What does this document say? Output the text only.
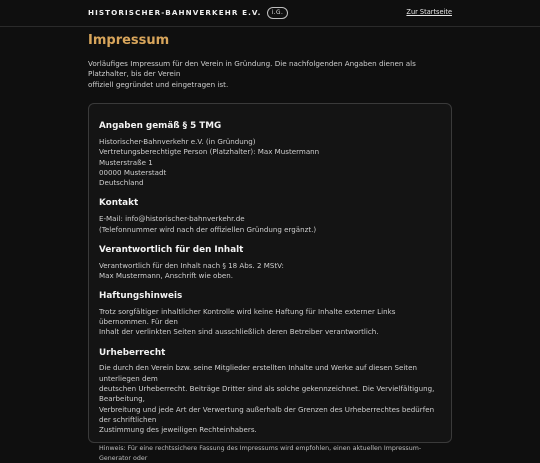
HISTORISCHER-BAHNVERKEHR E.V.	i.G.	Zur Startseite
Impressum

Vorläufiges Impressum für den Verein in Gründung. Die nachfolgenden Angaben dienen als Platzhalter, bis der Verein
offiziell gegründet und eingetragen ist.

Angaben gemäß § 5 TMG

Historischer-Bahnverkehr e.V. (in Gründung)
Vertretungsberechtigte Person (Platzhalter): Max Mustermann
Musterstraße 1
00000 Musterstadt
Deutschland

Kontakt

E-Mail: info@historischer-bahnverkehr.de
(Telefonnummer wird nach der offiziellen Gründung ergänzt.)

Verantwortlich für den Inhalt

Verantwortlich für den Inhalt nach § 18 Abs. 2 MStV:
Max Mustermann, Anschrift wie oben.

Haftungshinweis

Trotz sorgfältiger inhaltlicher Kontrolle wird keine Haftung für Inhalte externer Links übernommen. Für den
Inhalt der verlinkten Seiten sind ausschließlich deren Betreiber verantwortlich.

Urheberrecht

Die durch den Verein bzw. seine Mitglieder erstellten Inhalte und Werke auf diesen Seiten unterliegen dem
deutschen Urheberrecht. Beiträge Dritter sind als solche gekennzeichnet. Die Vervielfältigung, Bearbeitung,
Verbreitung und jede Art der Verwertung außerhalb der Grenzen des Urheberrechtes bedürfen der schriftlichen
Zustimmung des jeweiligen Rechteinhabers.

Hinweis: Für eine rechtssichere Fassung des Impressums wird empfohlen, einen aktuellen Impressum-Generator oder
